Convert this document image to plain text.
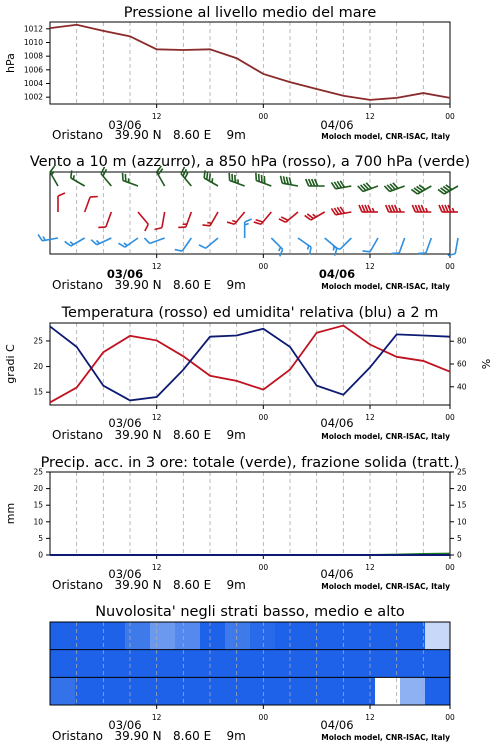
Pressione al livello medio del mare
1002
1004
1006
1008
1010
1012
12	00	12	00
hPa
03/06	04/06
Oristano 39.90 N 8.60 E 9m	Moloch model, CNR-ISAC, Italy
Vento a 10 m (azzurro), a 850 hPa (rosso), a 700 hPa (verde)
12	00	12	00
03/06	04/06
Oristano 39.90 N 8.60 E 9m	Moloch model, CNR-ISAC, Italy
Temperatura (rosso) ed umidita' relativa (blu) a 2 m
15
20
25
40
60
80
12	00	12	00
gradi C	%
03/06	04/06
Oristano 39.90 N 8.60 E 9m	Moloch model, CNR-ISAC, Italy
Precip. acc. in 3 ore: totale (verde), frazione solida (tratt.)
0
5
10
15
20
25
0
5
10
15
20
25
12	00	12	00
mm
03/06	04/06
Oristano 39.90 N 8.60 E 9m	Moloch model, CNR-ISAC, Italy
Nuvolosita' negli strati basso, medio e alto
12	00	12	00
03/06	04/06
Oristano 39.90 N 8.60 E 9m	Moloch model, CNR-ISAC, Italy
